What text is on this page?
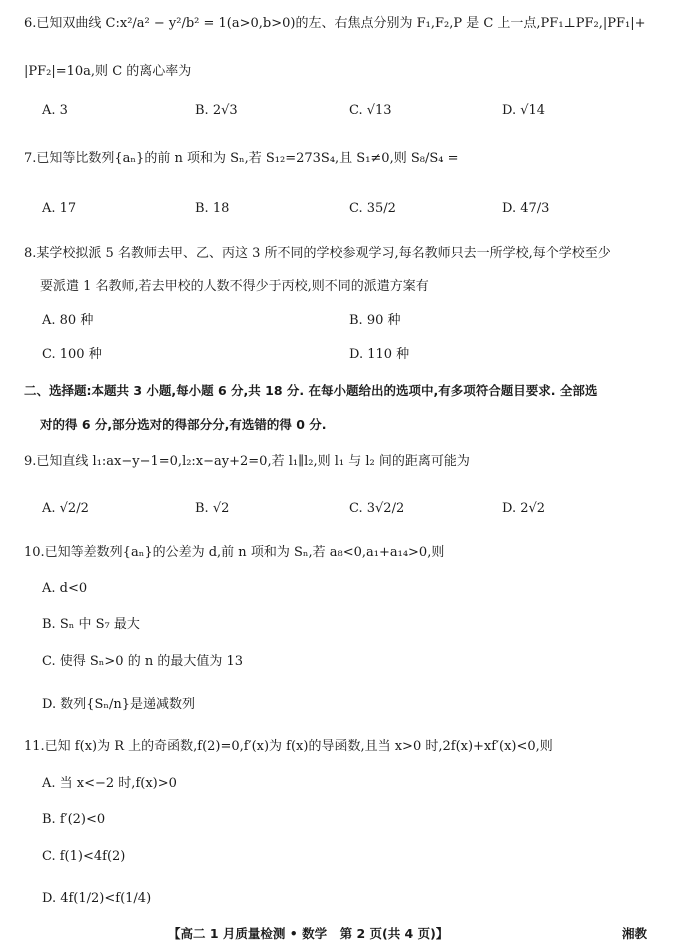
6.已知双曲线 C:x²/a² − y²/b² = 1(a>0,b>0)的左、右焦点分别为 F₁,F₂,P 是 C 上一点,PF₁⊥PF₂,|PF₁|+
|PF₂|=10a,则 C 的离心率为
A. 3	B. 2√3	C. √13	D. √14
7.已知等比数列{aₙ}的前 n 项和为 Sₙ,若 S₁₂=273S₄,且 S₁≠0,则 S₈/S₄ =
A. 17	B. 18	C. 35/2	D. 47/3
8.某学校拟派 5 名教师去甲、乙、丙这 3 所不同的学校参观学习,每名教师只去一所学校,每个学校至少
要派遣 1 名教师,若去甲校的人数不得少于丙校,则不同的派遣方案有
A. 80 种	B. 90 种
C. 100 种	D. 110 种
二、选择题:本题共 3 小题,每小题 6 分,共 18 分. 在每小题给出的选项中,有多项符合题目要求. 全部选
对的得 6 分,部分选对的得部分分,有选错的得 0 分.
9.已知直线 l₁:ax−y−1=0,l₂:x−ay+2=0,若 l₁∥l₂,则 l₁ 与 l₂ 间的距离可能为
A. √2/2	B. √2	C. 3√2/2	D. 2√2
10.已知等差数列{aₙ}的公差为 d,前 n 项和为 Sₙ,若 a₈<0,a₁+a₁₄>0,则
A. d<0
B. Sₙ 中 S₇ 最大
C. 使得 Sₙ>0 的 n 的最大值为 13
D. 数列{Sₙ/n}是递减数列
11.已知 f(x)为 R 上的奇函数,f(2)=0,f′(x)为 f(x)的导函数,且当 x>0 时,2f(x)+xf′(x)<0,则
A. 当 x<−2 时,f(x)>0
B. f′(2)<0
C. f(1)<4f(2)
D. 4f(1/2)<f(1/4)
【高二 1 月质量检测 • 数学　第 2 页(共 4 页)】	湘教
